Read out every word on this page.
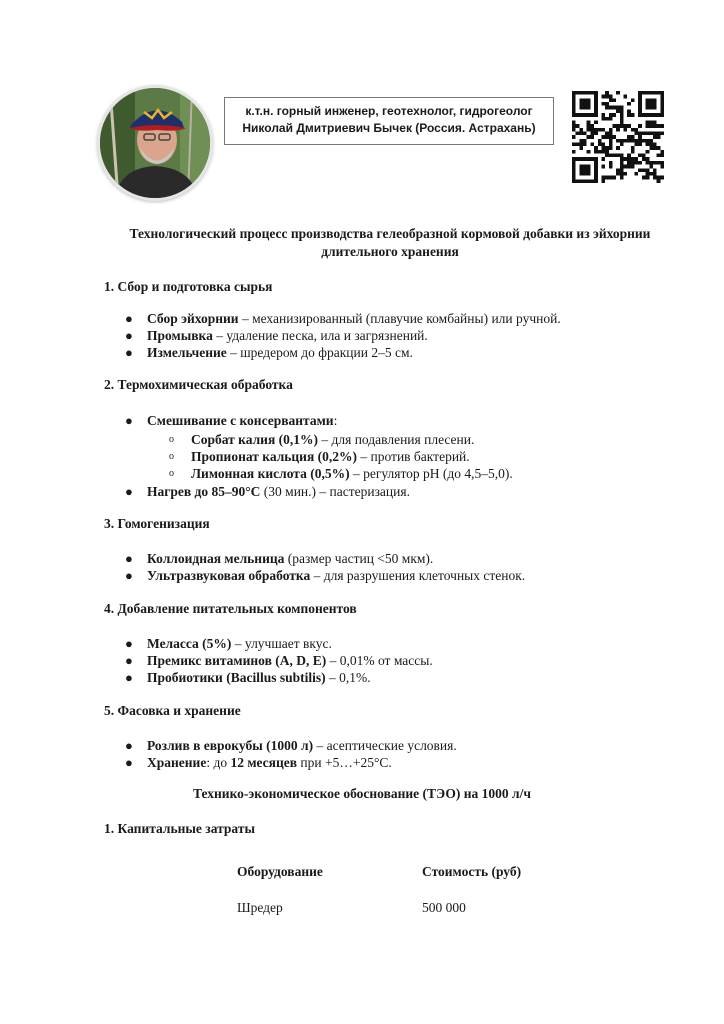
к.т.н. горный инженер, геотехнолог, гидрогеолог
Николай Дмитриевич Бычек (Россия. Астрахань)
Технологический процесс производства гелеобразной кормовой добавки из эйхорнии
длительного хранения
1. Сбор и подготовка сырья
● Сбор эйхорнии – механизированный (плавучие комбайны) или ручной.
● Промывка – удаление песка, ила и загрязнений.
● Измельчение – шредером до фракции 2–5 см.
2. Термохимическая обработка
● Смешивание с консервантами:
o Сорбат калия (0,1%) – для подавления плесени.
o Пропионат кальция (0,2%) – против бактерий.
o Лимонная кислота (0,5%) – регулятор pH (до 4,5–5,0).
● Нагрев до 85–90°C (30 мин.) – пастеризация.
3. Гомогенизация
● Коллоидная мельница (размер частиц <50 мкм).
● Ультразвуковая обработка – для разрушения клеточных стенок.
4. Добавление питательных компонентов
● Меласса (5%) – улучшает вкус.
● Премикс витаминов (A, D, E) – 0,01% от массы.
● Пробиотики (Bacillus subtilis) – 0,1%.
5. Фасовка и хранение
● Розлив в еврокубы (1000 л) – асептические условия.
● Хранение: до 12 месяцев при +5…+25°C.
Технико-экономическое обоснование (ТЭО) на 1000 л/ч
1. Капитальные затраты
Оборудование	Стоимость (руб)
Шредер	500 000
